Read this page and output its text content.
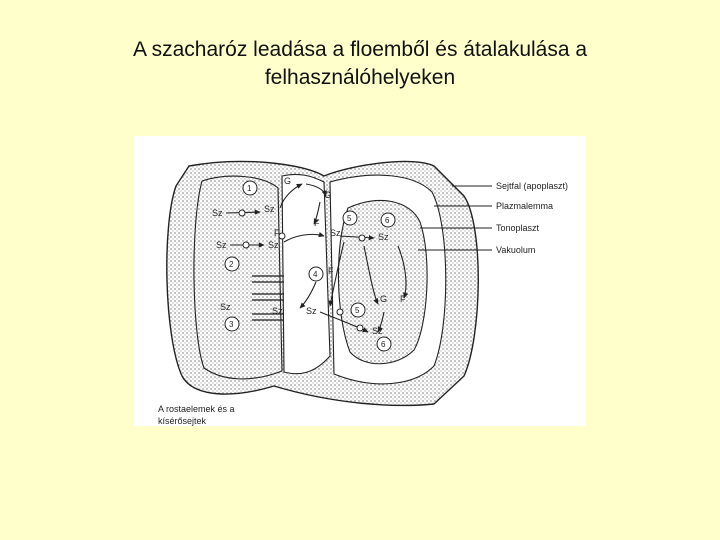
A szacharóz leadása a floemből és átalakulása a
felhasználóhelyeken
Sejtfal (apoplaszt)
Plazmalemma
Tonoplaszt
Vakuolum
1
2
3
4
5	6
5
6
Sz	Sz
Sz	Sz
Sz	Sz	Sz
Sz	Sz
Sz
G
G
G
F
F
F
F
A rostaelemek és a
kísérősejtek
